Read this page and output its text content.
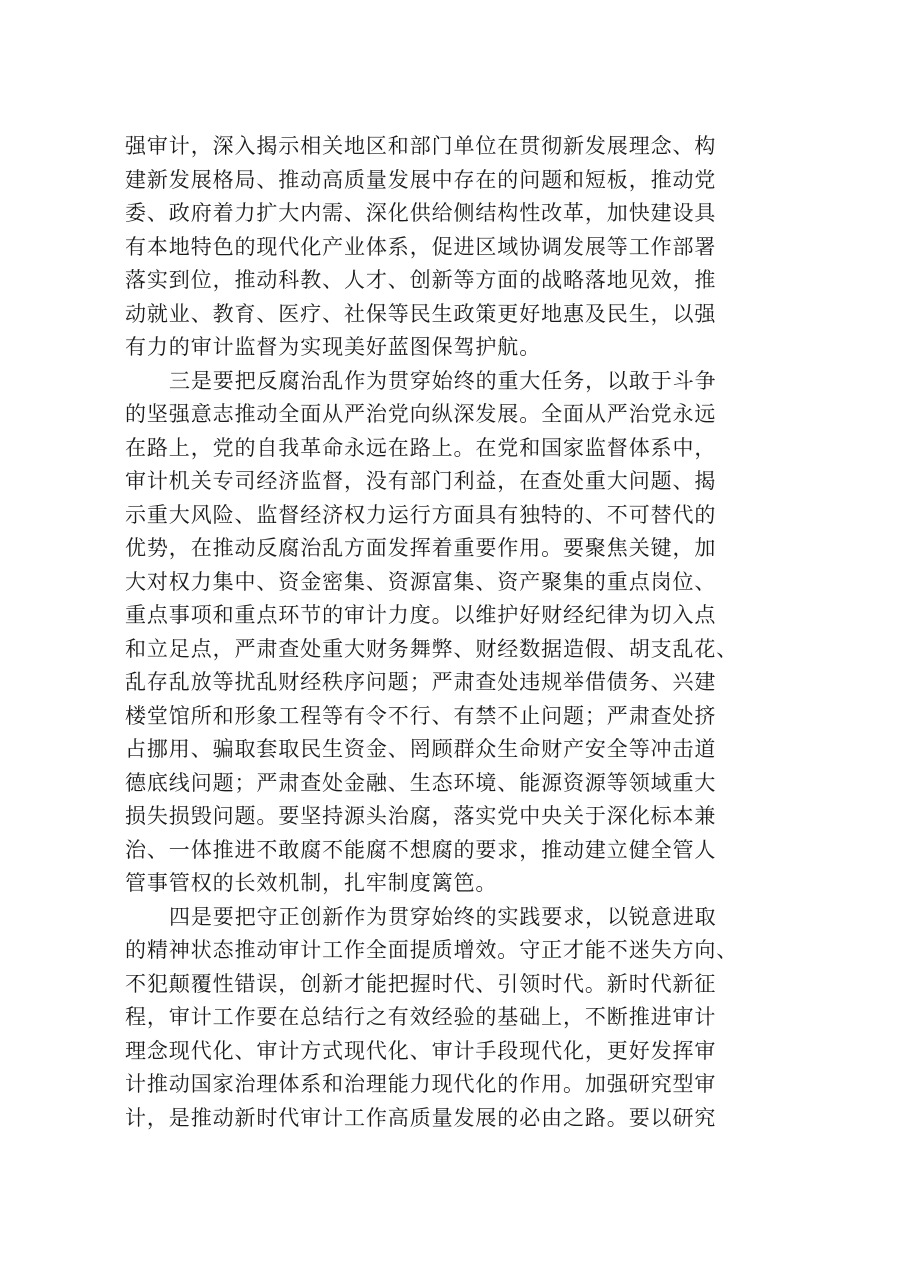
强审计，深入揭示相关地区和部门单位在贯彻新发展理念、构
建新发展格局、推动高质量发展中存在的问题和短板，推动党
委、政府着力扩大内需、深化供给侧结构性改革，加快建设具
有本地特色的现代化产业体系，促进区域协调发展等工作部署
落实到位，推动科教、人才、创新等方面的战略落地见效，推
动就业、教育、医疗、社保等民生政策更好地惠及民生，以强
有力的审计监督为实现美好蓝图保驾护航。
三是要把反腐治乱作为贯穿始终的重大任务，以敢于斗争
的坚强意志推动全面从严治党向纵深发展。全面从严治党永远
在路上，党的自我革命永远在路上。在党和国家监督体系中，
审计机关专司经济监督，没有部门利益，在查处重大问题、揭
示重大风险、监督经济权力运行方面具有独特的、不可替代的
优势，在推动反腐治乱方面发挥着重要作用。要聚焦关键，加
大对权力集中、资金密集、资源富集、资产聚集的重点岗位、
重点事项和重点环节的审计力度。以维护好财经纪律为切入点
和立足点，严肃查处重大财务舞弊、财经数据造假、胡支乱花、
乱存乱放等扰乱财经秩序问题；严肃查处违规举借债务、兴建
楼堂馆所和形象工程等有令不行、有禁不止问题；严肃查处挤
占挪用、骗取套取民生资金、罔顾群众生命财产安全等冲击道
德底线问题；严肃查处金融、生态环境、能源资源等领域重大
损失损毁问题。要坚持源头治腐，落实党中央关于深化标本兼
治、一体推进不敢腐不能腐不想腐的要求，推动建立健全管人
管事管权的长效机制，扎牢制度篱笆。
四是要把守正创新作为贯穿始终的实践要求，以锐意进取
的精神状态推动审计工作全面提质增效。守正才能不迷失方向、
不犯颠覆性错误，创新才能把握时代、引领时代。新时代新征
程，审计工作要在总结行之有效经验的基础上，不断推进审计
理念现代化、审计方式现代化、审计手段现代化，更好发挥审
计推动国家治理体系和治理能力现代化的作用。加强研究型审
计，是推动新时代审计工作高质量发展的必由之路。要以研究
